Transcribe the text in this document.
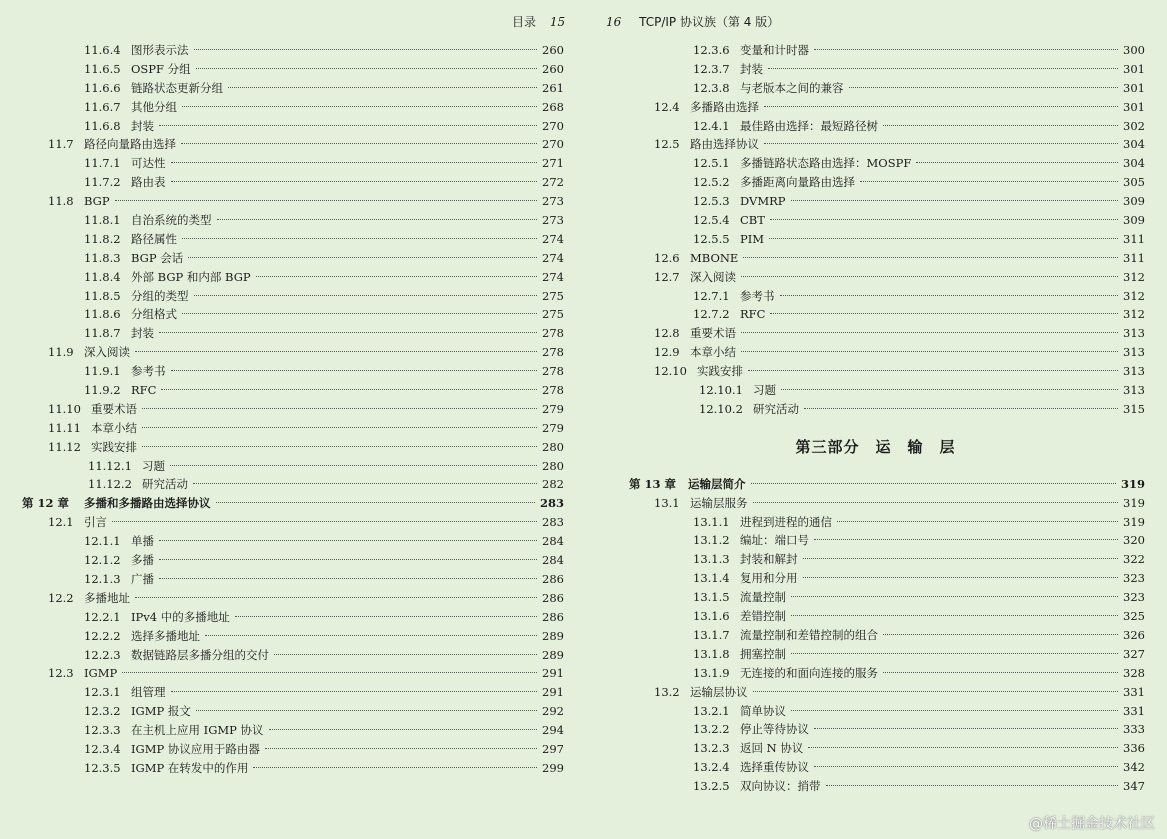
目录 15
11.6.4 图形表示法	260
11.6.5 OSPF 分组	260
11.6.6 链路状态更新分组	261
11.6.7 其他分组	268
11.6.8 封装	270
11.7 路径向量路由选择	270
11.7.1 可达性	271
11.7.2 路由表	272
11.8 BGP	273
11.8.1 自治系统的类型	273
11.8.2 路径属性	274
11.8.3 BGP 会话	274
11.8.4 外部 BGP 和内部 BGP	274
11.8.5 分组的类型	275
11.8.6 分组格式	275
11.8.7 封装	278
11.9 深入阅读	278
11.9.1 参考书	278
11.9.2 RFC	278
11.10 重要术语	279
11.11 本章小结	279
11.12 实践安排	280
11.12.1 习题	280
11.12.2 研究活动	282
第 12 章 多播和多播路由选择协议	283
12.1 引言	283
12.1.1 单播	284
12.1.2 多播	284
12.1.3 广播	286
12.2 多播地址	286
12.2.1 IPv4 中的多播地址	286
12.2.2 选择多播地址	289
12.2.3 数据链路层多播分组的交付	289
12.3 IGMP	291
12.3.1 组管理	291
12.3.2 IGMP 报文	292
12.3.3 在主机上应用 IGMP 协议	294
12.3.4 IGMP 协议应用于路由器	297
12.3.5 IGMP 在转发中的作用	299
16 TCP/IP 协议族（第 4 版）
12.3.6 变量和计时器	300
12.3.7 封装	301
12.3.8 与老版本之间的兼容	301
12.4 多播路由选择	301
12.4.1 最佳路由选择：最短路径树	302
12.5 路由选择协议	304
12.5.1 多播链路状态路由选择：MOSPF	304
12.5.2 多播距离向量路由选择	305
12.5.3 DVMRP	309
12.5.4 CBT	309
12.5.5 PIM	311
12.6 MBONE	311
12.7 深入阅读	312
12.7.1 参考书	312
12.7.2 RFC	312
12.8 重要术语	313
12.9 本章小结	313
12.10 实践安排	313
12.10.1 习题	313
12.10.2 研究活动	315
第三部分　运　输　层
第 13 章 运输层简介	319
13.1 运输层服务	319
13.1.1 进程到进程的通信	319
13.1.2 编址：端口号	320
13.1.3 封装和解封	322
13.1.4 复用和分用	323
13.1.5 流量控制	323
13.1.6 差错控制	325
13.1.7 流量控制和差错控制的组合	326
13.1.8 拥塞控制	327
13.1.9 无连接的和面向连接的服务	328
13.2 运输层协议	331
13.2.1 简单协议	331
13.2.2 停止等待协议	333
13.2.3 返回 N 协议	336
13.2.4 选择重传协议	342
13.2.5 双向协议：捎带	347
@稀土掘金技术社区
